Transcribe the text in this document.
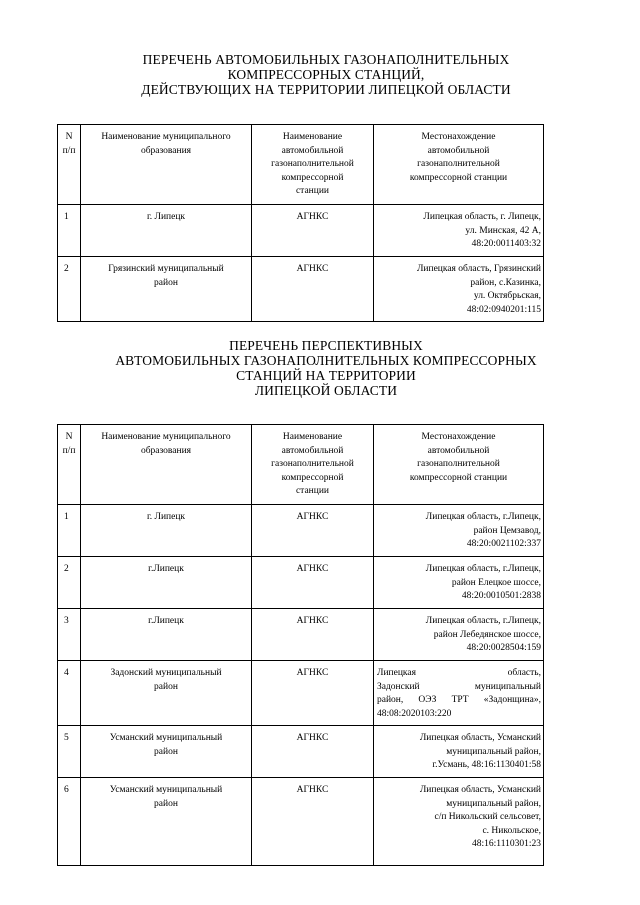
ПЕРЕЧЕНЬ АВТОМОБИЛЬНЫХ ГАЗОНАПОЛНИТЕЛЬНЫХ
КОМПРЕССОРНЫХ СТАНЦИЙ,
ДЕЙСТВУЮЩИХ НА ТЕРРИТОРИИ ЛИПЕЦКОЙ ОБЛАСТИ
N
п/п	Наименование муниципального
образования	Наименование
автомобильной
газонаполнительной
компрессорной
станции	Местонахождение
автомобильной
газонаполнительной
компрессорной станции

1	г. Липецк	АГНКС	Липецкая область, г. Липецк,
ул. Минская, 42 А,
48:20:0011403:32

2	Грязинский муниципальный
район	АГНКС	Липецкая область, Грязинский
район, с.Казинка,
ул. Октябрьская,
48:02:0940201:115
ПЕРЕЧЕНЬ ПЕРСПЕКТИВНЫХ
АВТОМОБИЛЬНЫХ ГАЗОНАПОЛНИТЕЛЬНЫХ КОМПРЕССОРНЫХ
СТАНЦИЙ НА ТЕРРИТОРИИ
ЛИПЕЦКОЙ ОБЛАСТИ
N
п/п	Наименование муниципального
образования	Наименование
автомобильной
газонаполнительной
компрессорной
станции	Местонахождение
автомобильной
газонаполнительной
компрессорной станции

1	г. Липецк	АГНКС	Липецкая область, г.Липецк,
район Цемзавод,
48:20:0021102:337

2	г.Липецк	АГНКС	Липецкая область, г.Липецк,
район Елецкое шоссе,
48:20:0010501:2838

3	г.Липецк	АГНКС	Липецкая область, г.Липецк,
район Лебедянское шоссе,
48:20:0028504:159

4	Задонский муниципальный
район	АГНКС	Липецкая область,
Задонский муниципальный
район, ОЭЗ ТРТ «Задонщина»,
48:08:2020103:220

5	Усманский муниципальный
район	АГНКС	Липецкая область, Усманский
муниципальный район,
г.Усмань, 48:16:1130401:58

6	Усманский муниципальный
район	АГНКС	Липецкая область, Усманский
муниципальный район,
с/п Никольский сельсовет,
с. Никольское,
48:16:1110301:23
